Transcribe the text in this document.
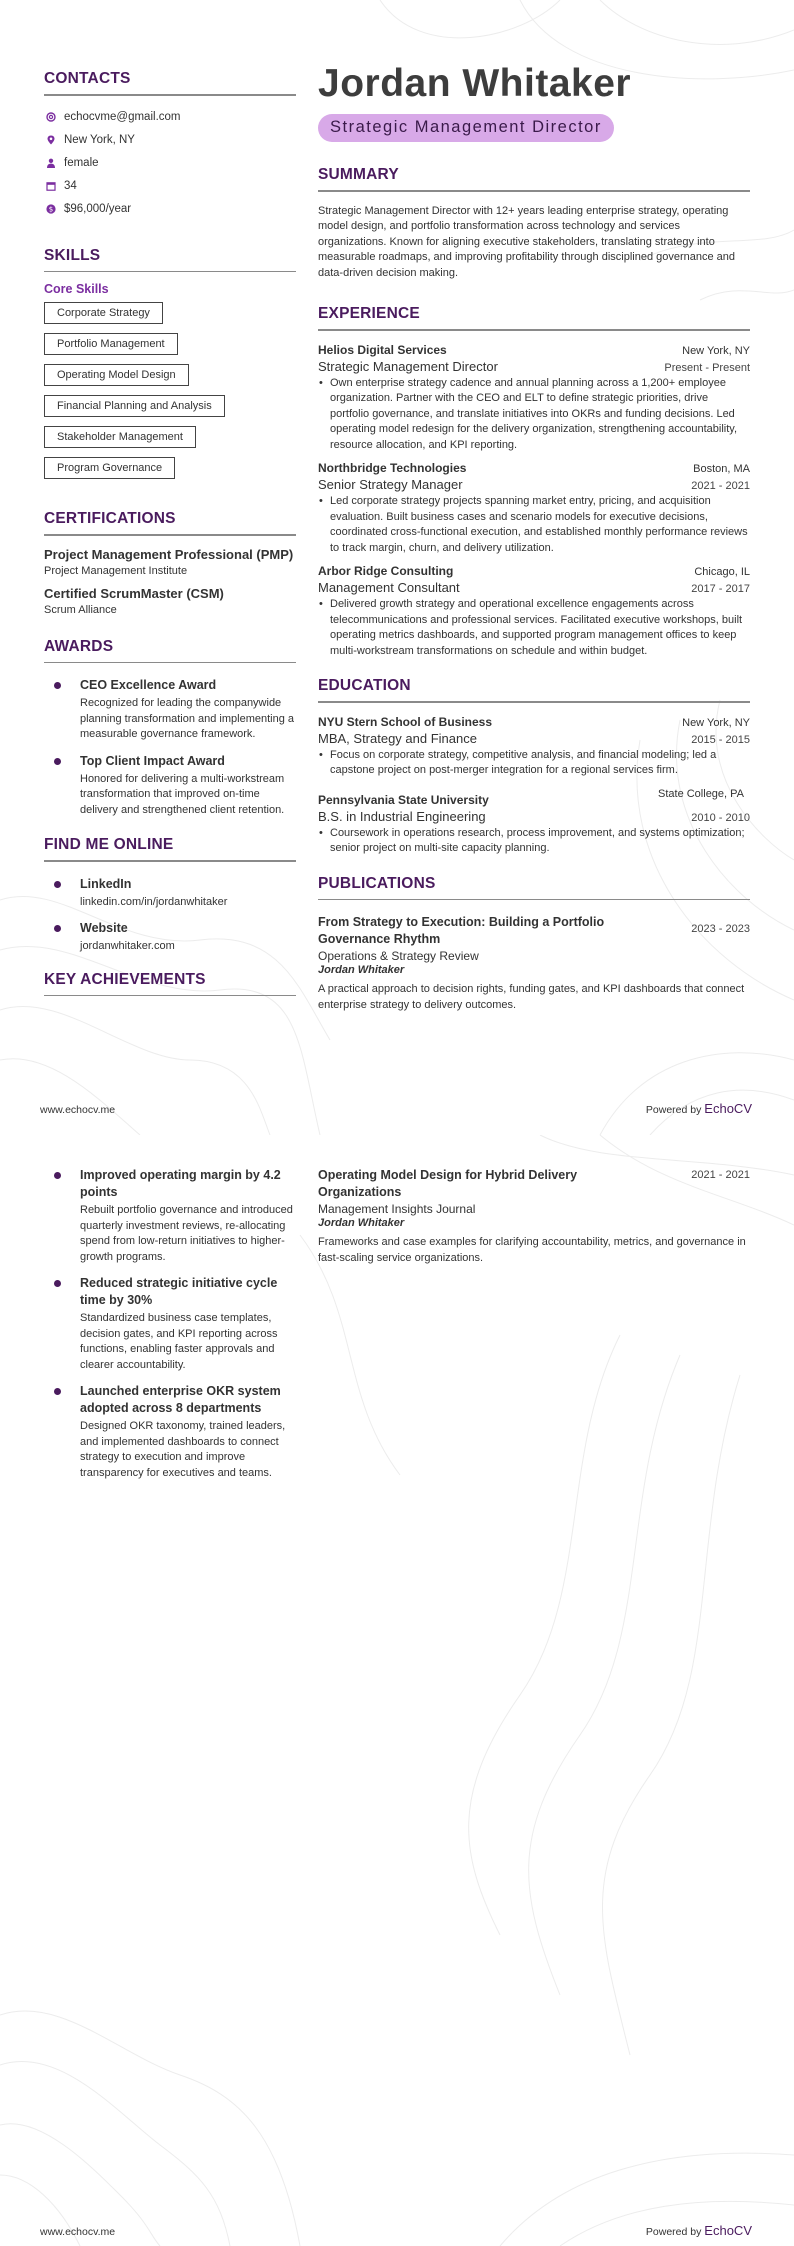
CONTACTS
echocvme@gmail.com
New York, NY
female
34
$ $96,000/year
SKILLS
Core Skills
Corporate Strategy
Portfolio Management
Operating Model Design
Financial Planning and Analysis
Stakeholder Management
Program Governance
CERTIFICATIONS
Project Management Professional (PMP)
Project Management Institute
Certified ScrumMaster (CSM)
Scrum Alliance
AWARDS
CEO Excellence Award
Recognized for leading the companywide planning transformation and implementing a measurable governance framework.
Top Client Impact Award
Honored for delivering a multi-workstream transformation that improved on-time delivery and strengthened client retention.
FIND ME ONLINE
LinkedIn
linkedin.com/in/jordanwhitaker
Website
jordanwhitaker.com
KEY ACHIEVEMENTS
Jordan Whitaker
Strategic Management Director
SUMMARY
Strategic Management Director with 12+ years leading enterprise strategy, operating model design, and portfolio transformation across technology and services organizations. Known for aligning executive stakeholders, translating strategy into measurable roadmaps, and improving profitability through disciplined governance and data-driven decision making.
EXPERIENCE
Helios Digital Services	New York, NY
Strategic Management Director	Present - Present
• Own enterprise strategy cadence and annual planning across a 1,200+ employee organization. Partner with the CEO and ELT to define strategic priorities, drive portfolio governance, and translate initiatives into OKRs and funding decisions. Led operating model redesign for the delivery organization, strengthening accountability, resource allocation, and KPI reporting.
Northbridge Technologies	Boston, MA
Senior Strategy Manager	2021 - 2021
• Led corporate strategy projects spanning market entry, pricing, and acquisition evaluation. Built business cases and scenario models for executive decisions, coordinated cross-functional execution, and established monthly performance reviews to track margin, churn, and delivery utilization.
Arbor Ridge Consulting	Chicago, IL
Management Consultant	2017 - 2017
• Delivered growth strategy and operational excellence engagements across telecommunications and professional services. Facilitated executive workshops, built operating metrics dashboards, and supported program management offices to keep multi-workstream transformations on schedule and within budget.
EDUCATION
NYU Stern School of Business	New York, NY
MBA, Strategy and Finance	2015 - 2015
• Focus on corporate strategy, competitive analysis, and financial modeling; led a capstone project on post-merger integration for a regional services firm.
Pennsylvania State University	State College, PA
B.S. in Industrial Engineering	2010 - 2010
• Coursework in operations research, process improvement, and systems optimization; senior project on multi-site capacity planning.
PUBLICATIONS
From Strategy to Execution: Building a Portfolio Governance Rhythm
2023 - 2023
Operations & Strategy Review
Jordan Whitaker
A practical approach to decision rights, funding gates, and KPI dashboards that connect enterprise strategy to delivery outcomes.
www.echocv.me	Powered by EchoCV
Improved operating margin by 4.2 points
Rebuilt portfolio governance and introduced quarterly investment reviews, re-allocating spend from low-return initiatives to higher-growth programs.
Reduced strategic initiative cycle time by 30%
Standardized business case templates, decision gates, and KPI reporting across functions, enabling faster approvals and clearer accountability.
Launched enterprise OKR system adopted across 8 departments
Designed OKR taxonomy, trained leaders, and implemented dashboards to connect strategy to execution and improve transparency for executives and teams.
Operating Model Design for Hybrid Delivery Organizations
2021 - 2021
Management Insights Journal
Jordan Whitaker
Frameworks and case examples for clarifying accountability, metrics, and governance in fast-scaling service organizations.
www.echocv.me	Powered by EchoCV
